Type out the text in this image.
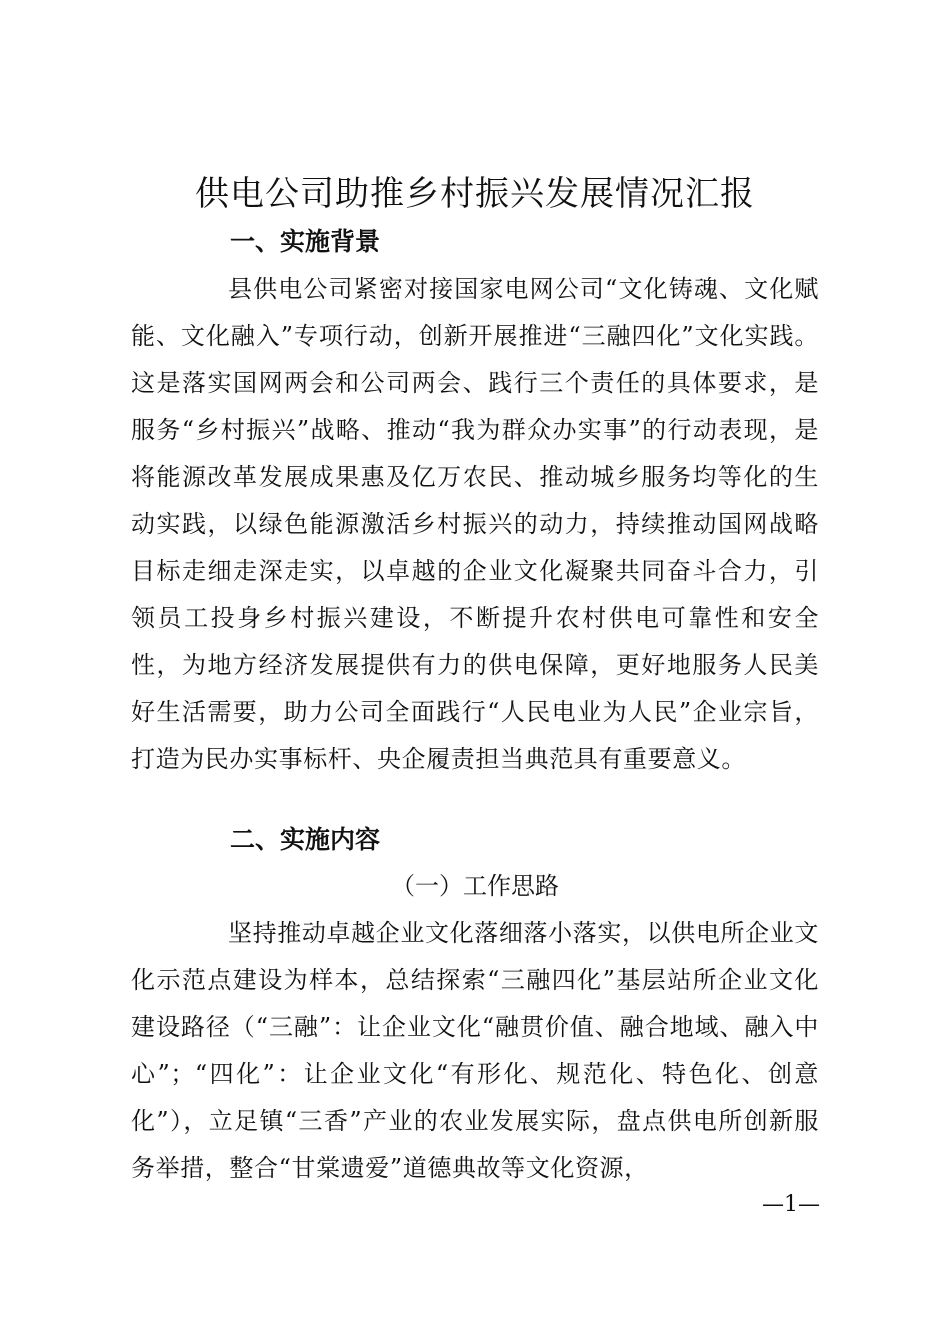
供电公司助推乡村振兴发展情况汇报
一、实施背景

县供电公司紧密对接国家电网公司“文化铸魂、文化赋能、文化融入”专项行动，创新开展推进“三融四化”文化实践。这是落实国网两会和公司两会、践行三个责任的具体要求，是服务“乡村振兴”战略、推动“我为群众办实事”的行动表现，是将能源改革发展成果惠及亿万农民、推动城乡服务均等化的生动实践，以绿色能源激活乡村振兴的动力，持续推动国网战略目标走细走深走实，以卓越的企业文化凝聚共同奋斗合力，引领员工投身乡村振兴建设，不断提升农村供电可靠性和安全性，为地方经济发展提供有力的供电保障，更好地服务人民美好生活需要，助力公司全面践行“人民电业为人民”企业宗旨，打造为民办实事标杆、央企履责担当典范具有重要意义。

二、实施内容
（一）工作思路

坚持推动卓越企业文化落细落小落实，以供电所企业文化示范点建设为样本，总结探索“三融四化”基层站所企业文化建设路径（“三融”：让企业文化“融贯价值、融合地域、融入中心”；“四化”：让企业文化“有形化、规范化、特色化、创意化”），立足镇“三香”产业的农业发展实际，盘点供电所创新服务举措，整合“甘棠遗爱”道德典故等文化资源，

—1—
